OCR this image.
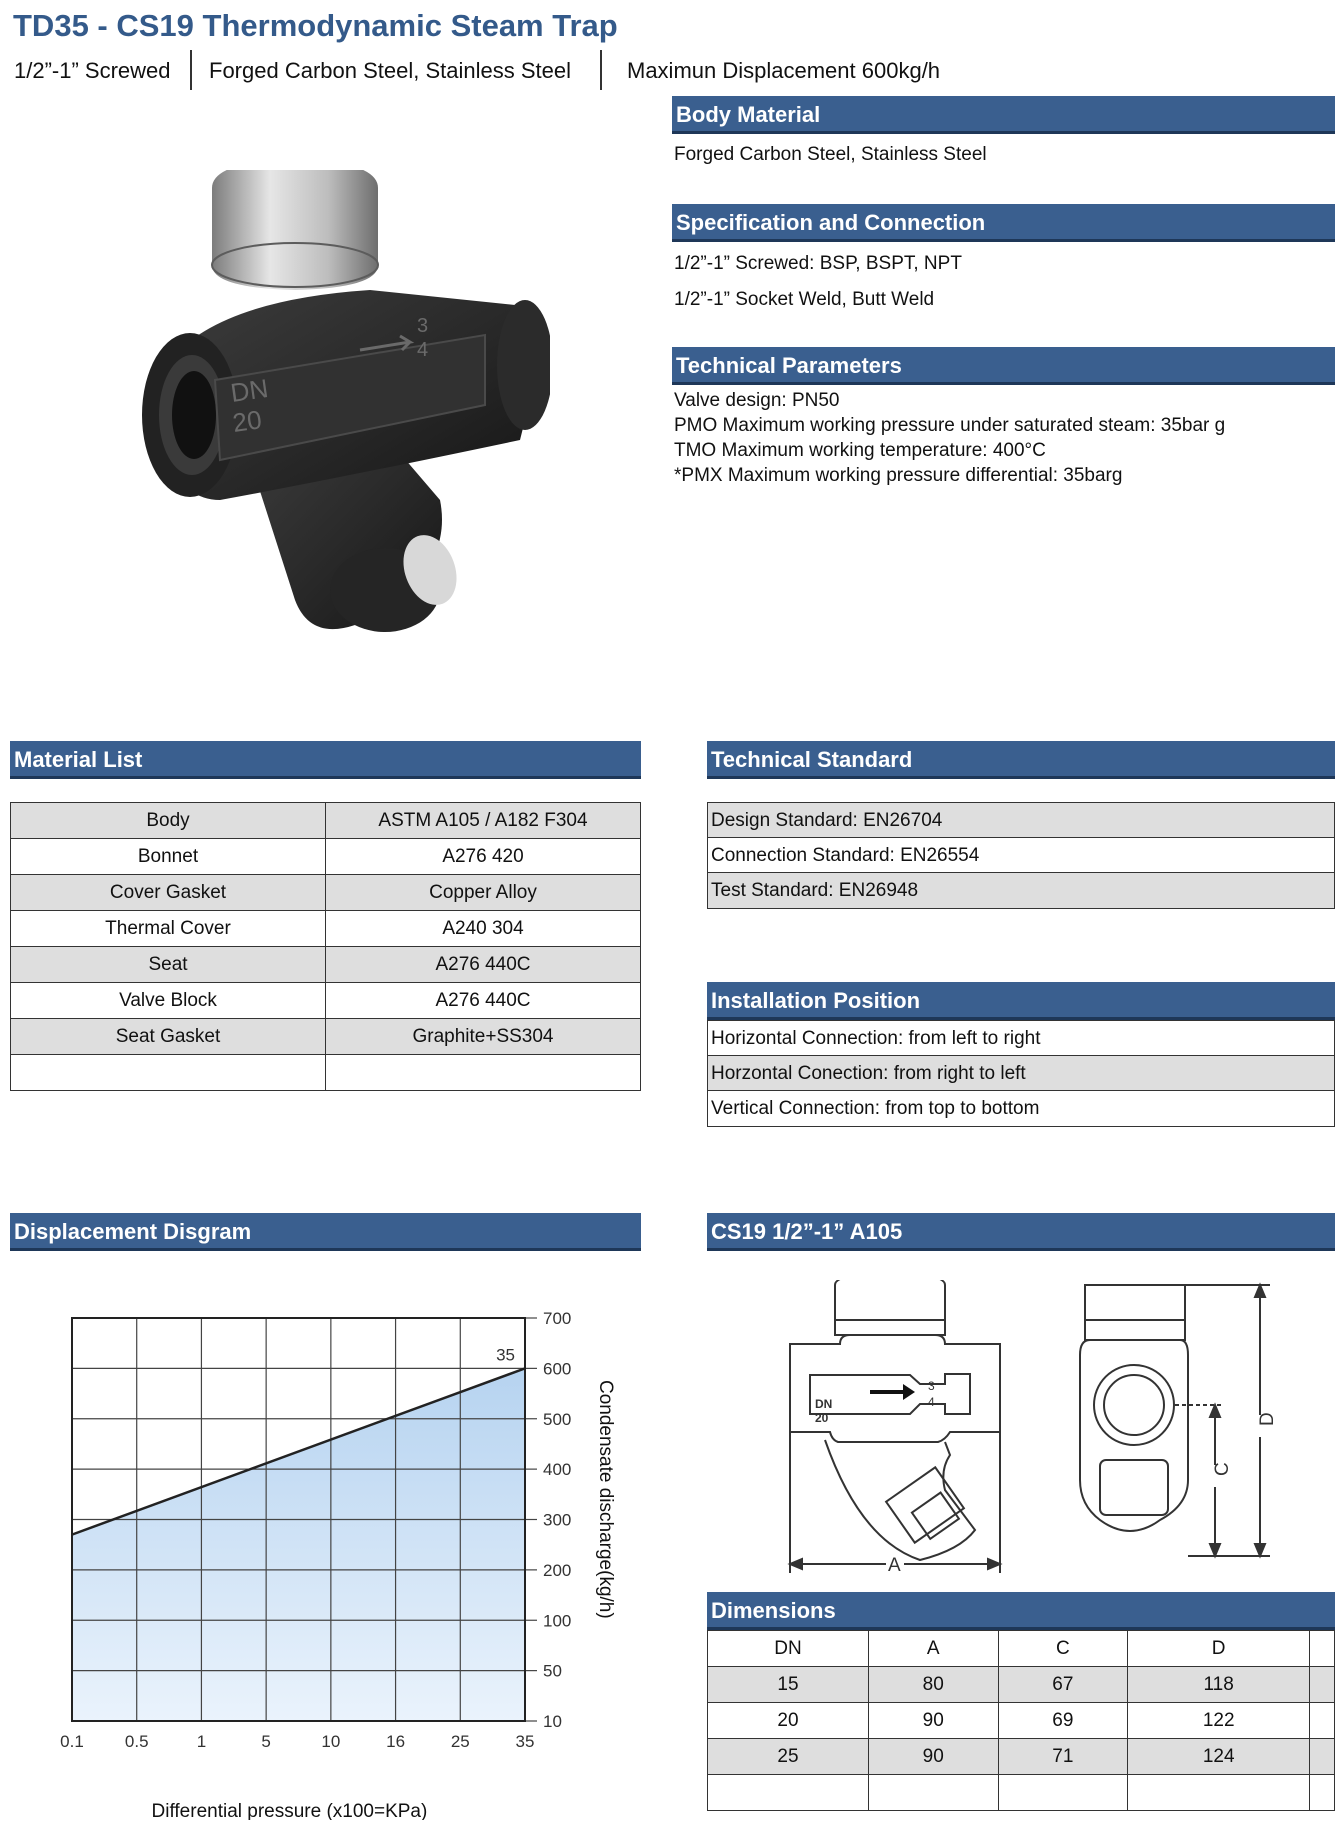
TD35 - CS19 Thermodynamic Steam Trap
1/2”-1” Screwed Forged Carbon Steel, Stainless Steel	Maximun Displacement 600kg/h
DN
20
3
4
Body Material
Forged Carbon Steel, Stainless Steel
Specification and Connection
1/2”-1” Screwed: BSP, BSPT, NPT
1/2”-1” Socket Weld, Butt Weld
Technical Parameters
Valve design: PN50
PMO Maximum working pressure under saturated steam: 35bar g
TMO Maximum working temperature: 400°C
*PMX Maximum working pressure differential: 35barg
Material List
Body	ASTM A105 / A182 F304
Bonnet	A276 420
Cover Gasket	Copper Alloy
Thermal Cover	A240 304
Seat	A276 440C
Valve Block	A276 440C
Seat Gasket	Graphite+SS304

Technical Standard
Design Standard: EN26704
Connection Standard: EN26554
Test Standard: EN26948
Installation Position
Horizontal Connection: from left to right
Horzontal Conection: from right to left
Vertical Connection: from top to bottom
Displacement Disgram
0.1 0.5	1	5	10	16	25	35
10
50
100
200
300
400
500
600
700
35
Differential pressure (x100=KPa)
Condensate discharge(kg/h)
CS19 1/2”-1” A105
DN
20
3
4
A
C
D
Dimensions
DN	A	C	D	
15	80	67	118	
20	90	69	122	
25	90	71	124	
